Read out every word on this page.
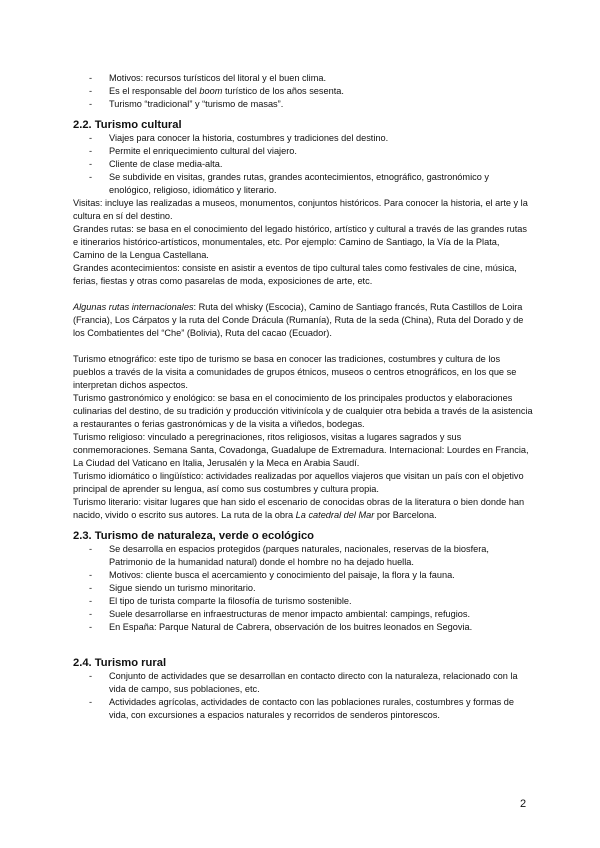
- Motivos: recursos turísticos del litoral y el buen clima.
- Es el responsable del boom turístico de los años sesenta.
- Turismo “tradicional” y “turismo de masas”.
2.2. Turismo cultural
- Viajes para conocer la historia, costumbres y tradiciones del destino.
- Permite el enriquecimiento cultural del viajero.
- Cliente de clase media-alta.
- Se subdivide en visitas, grandes rutas, grandes acontecimientos, etnográfico, gastronómico y enológico, religioso, idiomático y literario.

Visitas: incluye las realizadas a museos, monumentos, conjuntos históricos. Para conocer la historia, el arte y la cultura en sí del destino.

Grandes rutas: se basa en el conocimiento del legado histórico, artístico y cultural a través de las grandes rutas e itinerarios histórico-artísticos, monumentales, etc. Por ejemplo: Camino de Santiago, la Vía de la Plata, Camino de la Lengua Castellana.

Grandes acontecimientos: consiste en asistir a eventos de tipo cultural tales como festivales de cine, música, ferias, fiestas y otras como pasarelas de moda, exposiciones de arte, etc.

Algunas rutas internacionales: Ruta del whisky (Escocia), Camino de Santiago francés, Ruta Castillos de Loira (Francia), Los Cárpatos y la ruta del Conde Drácula (Rumanía), Ruta de la seda (China), Ruta del Dorado y de los Combatientes del “Che” (Bolivia), Ruta del cacao (Ecuador).

Turismo etnográfico: este tipo de turismo se basa en conocer las tradiciones, costumbres y cultura de los pueblos a través de la visita a comunidades de grupos étnicos, museos o centros etnográficos, en los que se interpretan dichos aspectos.

Turismo gastronómico y enológico: se basa en el conocimiento de los principales productos y elaboraciones culinarias del destino, de su tradición y producción vitivinícola y de cualquier otra bebida a través de la asistencia a restaurantes o ferias gastronómicas y de la visita a viñedos, bodegas.

Turismo religioso: vinculado a peregrinaciones, ritos religiosos, visitas a lugares sagrados y sus conmemoraciones. Semana Santa, Covadonga, Guadalupe de Extremadura. Internacional: Lourdes en Francia, La Ciudad del Vaticano en Italia, Jerusalén y la Meca en Arabia Saudí.

Turismo idiomático o lingüístico: actividades realizadas por aquellos viajeros que visitan un país con el objetivo principal de aprender su lengua, así como sus costumbres y cultura propia.

Turismo literario: visitar lugares que han sido el escenario de conocidas obras de la literatura o bien donde han nacido, vivido o escrito sus autores. La ruta de la obra La catedral del Mar por Barcelona.

2.3. Turismo de naturaleza, verde o ecológico
- Se desarrolla en espacios protegidos (parques naturales, nacionales, reservas de la biosfera, Patrimonio de la humanidad natural) donde el hombre no ha dejado huella.
- Motivos: cliente busca el acercamiento y conocimiento del paisaje, la flora y la fauna.
- Sigue siendo un turismo minoritario.
- El tipo de turista comparte la filosofía de turismo sostenible.
- Suele desarrollarse en infraestructuras de menor impacto ambiental: campings, refugios.
- En España: Parque Natural de Cabrera, observación de los buitres leonados en Segovia.
2.4. Turismo rural
- Conjunto de actividades que se desarrollan en contacto directo con la naturaleza, relacionado con la vida de campo, sus poblaciones, etc.
- Actividades agrícolas, actividades de contacto con las poblaciones rurales, costumbres y formas de vida, con excursiones a espacios naturales y recorridos de senderos pintorescos.
2
